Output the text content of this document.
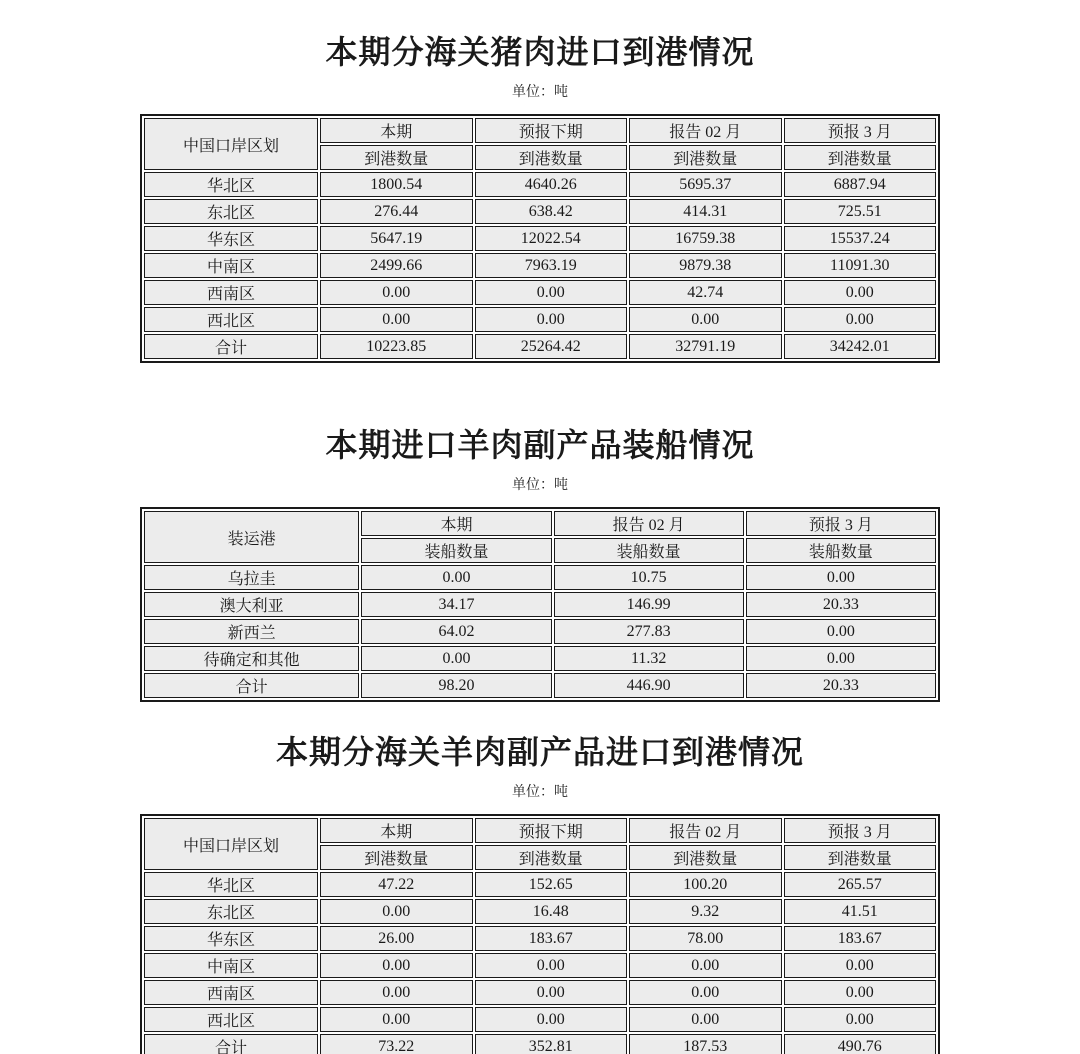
本期分海关猪肉进口到港情况
单位：吨
中国口岸区划	本期	预报下期	报告 02 月	预报 3 月
	到港数量	到港数量	到港数量	到港数量
华北区	1800.54	4640.26	5695.37	6887.94
东北区	276.44	638.42	414.31	725.51
华东区	5647.19	12022.54	16759.38	15537.24
中南区	2499.66	7963.19	9879.38	11091.30
西南区	0.00	0.00	42.74	0.00
西北区	0.00	0.00	0.00	0.00
合计	10223.85	25264.42	32791.19	34242.01
本期进口羊肉副产品装船情况
单位：吨
装运港	本期	报告 02 月	预报 3 月
	装船数量	装船数量	装船数量
乌拉圭	0.00	10.75	0.00
澳大利亚	34.17	146.99	20.33
新西兰	64.02	277.83	0.00
待确定和其他	0.00	11.32	0.00
合计	98.20	446.90	20.33
本期分海关羊肉副产品进口到港情况
单位：吨
中国口岸区划	本期	预报下期	报告 02 月	预报 3 月
	到港数量	到港数量	到港数量	到港数量
华北区	47.22	152.65	100.20	265.57
东北区	0.00	16.48	9.32	41.51
华东区	26.00	183.67	78.00	183.67
中南区	0.00	0.00	0.00	0.00
西南区	0.00	0.00	0.00	0.00
西北区	0.00	0.00	0.00	0.00
合计	73.22	352.81	187.53	490.76
